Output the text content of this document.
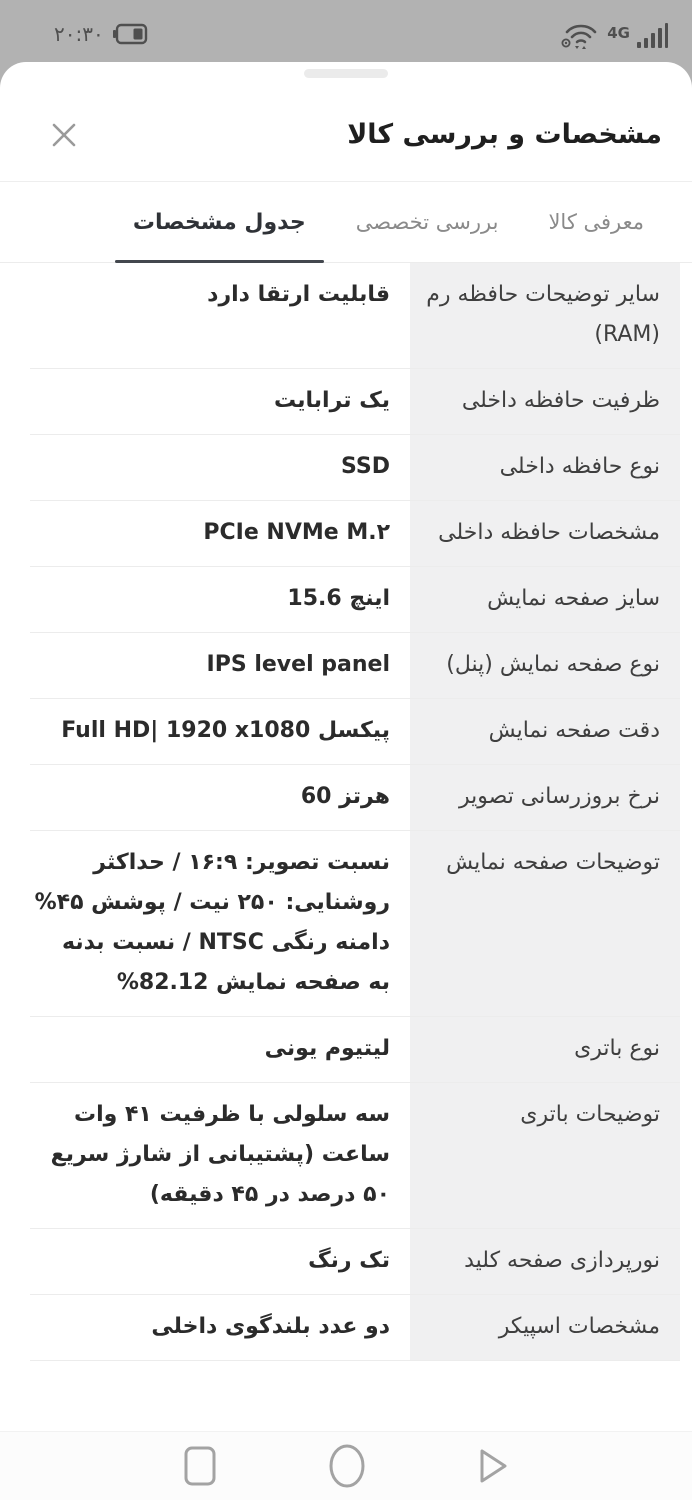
۲۰:۳۰	4G
مشخصات و بررسی کالا
معرفی کالا
بررسی تخصصی
جدول مشخصات
سایر توضیحات حافظه رم (RAM)
قابلیت ارتقا دارد
ظرفیت حافظه داخلی
یک ترابایت
نوع حافظه داخلی
SSD
مشخصات حافظه داخلی
PCIe NVMe M.۲
سایز صفحه نمایش
15.6 اینچ
نوع صفحه نمایش (پنل)
IPS level panel
دقت صفحه نمایش
Full HD| 1920 x1080 پیکسل
نرخ بروزرسانی تصویر
60 هرتز
توضیحات صفحه نمایش
نسبت تصویر: ۱۶:۹ / حداکثر روشنایی: ۲۵۰ نیت / پوشش ۴۵% دامنه رنگی NTSC / نسبت بدنه به صفحه نمایش 82.12%
نوع باتری
لیتیوم یونی
توضیحات باتری
سه سلولی با ظرفیت ۴۱ وات ساعت (پشتیبانی از شارژ سریع ۵۰ درصد در ۴۵ دقیقه)
نورپردازی صفحه کلید
تک رنگ
مشخصات اسپیکر
دو عدد بلندگوی داخلی
